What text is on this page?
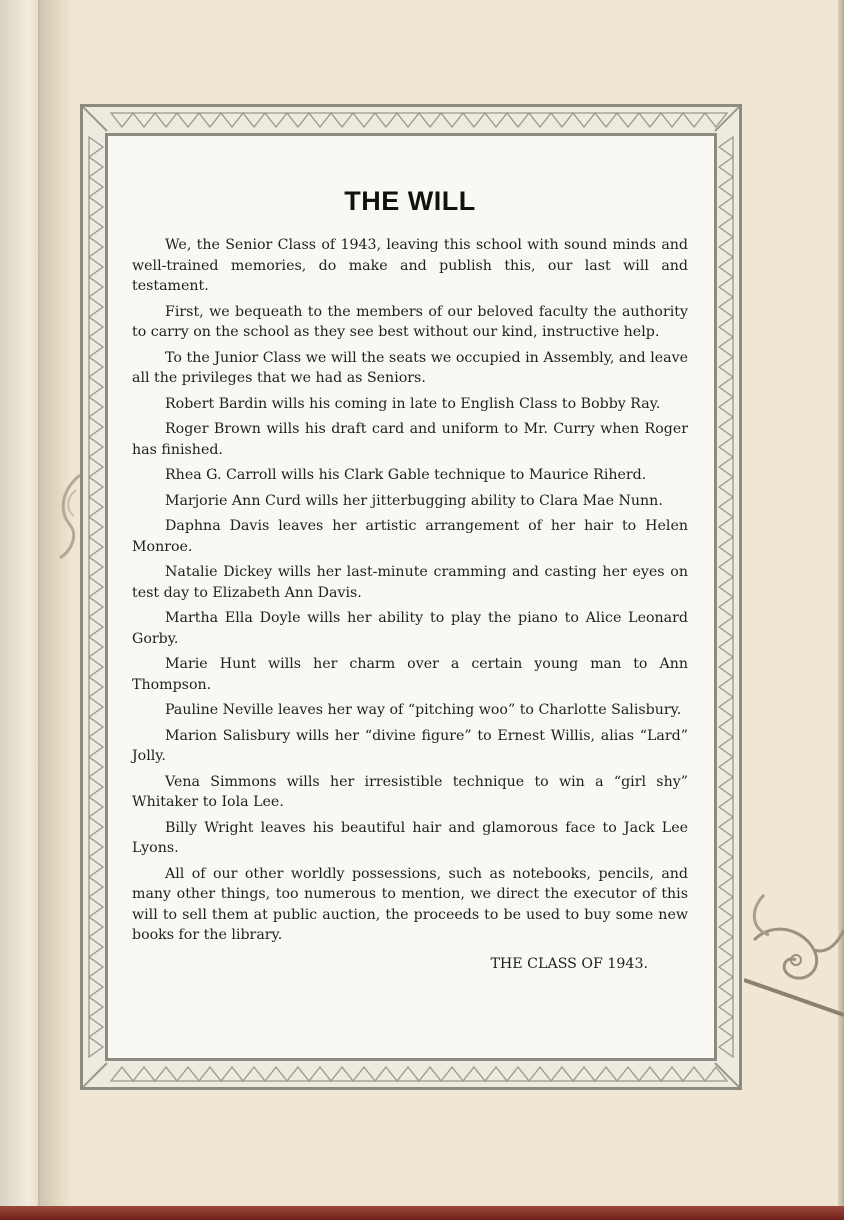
THE WILL

We, the Senior Class of 1943, leaving this school with sound minds and well-trained memories, do make and publish this, our last will and testament.

First, we bequeath to the members of our beloved faculty the authority to carry on the school as they see best without our kind, instructive help.

To the Junior Class we will the seats we occupied in Assembly, and leave all the privileges that we had as Seniors.

Robert Bardin wills his coming in late to English Class to Bobby Ray.

Roger Brown wills his draft card and uniform to Mr. Curry when Roger has finished.

Rhea G. Carroll wills his Clark Gable technique to Maurice Riherd.

Marjorie Ann Curd wills her jitterbugging ability to Clara Mae Nunn.

Daphna Davis leaves her artistic arrangement of her hair to Helen Monroe.

Natalie Dickey wills her last-minute cramming and casting her eyes on test day to Elizabeth Ann Davis.

Martha Ella Doyle wills her ability to play the piano to Alice Leonard Gorby.

Marie Hunt wills her charm over a certain young man to Ann Thompson.

Pauline Neville leaves her way of “pitching woo” to Charlotte Salisbury.

Marion Salisbury wills her “divine figure” to Ernest Willis, alias “Lard” Jolly.

Vena Simmons wills her irresistible technique to win a “girl shy” Whitaker to Iola Lee.

Billy Wright leaves his beautiful hair and glamorous face to Jack Lee Lyons.

All of our other worldly possessions, such as notebooks, pencils, and many other things, too numerous to mention, we direct the executor of this will to sell them at public auction, the proceeds to be used to buy some new books for the library.

THE CLASS OF 1943.
